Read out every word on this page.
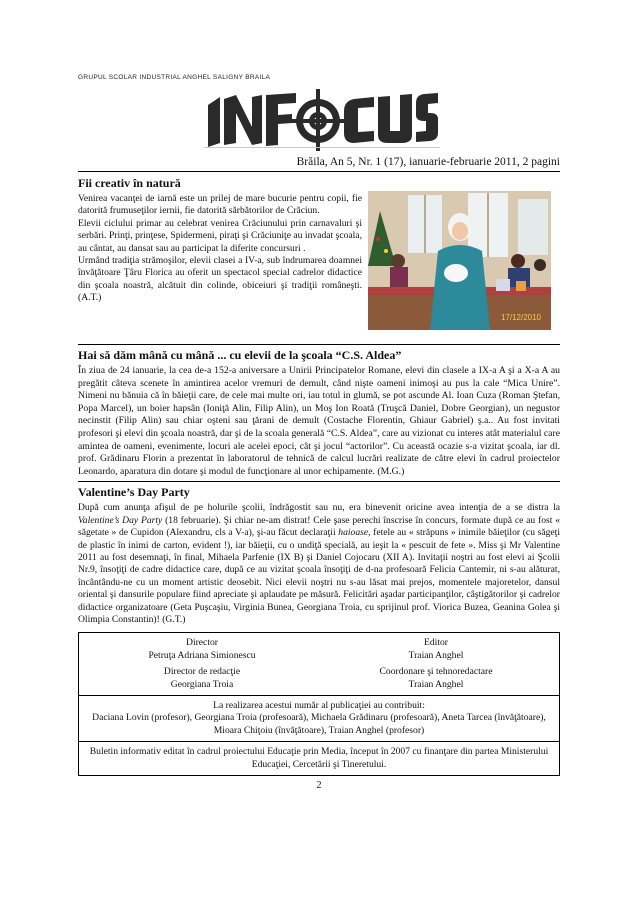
GRUPUL SCOLAR INDUSTRIAL ANGHEL SALIGNY BRAILA
Brăila, An 5, Nr. 1 (17), ianuarie-februarie 2011, 2 pagini
Fii creativ în natură

Venirea vacanţei de iarnă este un prilej de mare bucurie pentru copii, fie datorită frumuseţilor iernii, fie datorită sărbătorilor de Crăciun.

Elevii ciclului primar au celebrat venirea Crăciunului prin carnavaluri şi serbări. Prinţi, prinţese, Spidermeni, piraţi şi Crăciuniţe au invadat şcoala, au cântat, au dansat sau au participat la diferite concursuri .

Urmând tradiţia strămoşilor, elevii clasei a IV-a, sub îndrumarea doamnei învăţătoare Ţâru Florica au oferit un spectacol special cadrelor didactice din şcoala noastră, alcătuit din colinde, obiceiuri şi tradiţii româneşti. (A.T.)

17/12/2010
Hai să dăm mână cu mână ... cu elevii de la şcoala “C.S. Aldea”

În ziua de 24 ianuarie, la cea de-a 152-a aniversare a Unirii Principatelor Romane, elevi din clasele a IX-a A şi a X-a A au pregătit câteva scenete în amintirea acelor vremuri de demult, când nişte oameni inimoşi au pus la cale “Mica Unire”. Nimeni nu bănuia că în băieţii care, de cele mai multe ori, iau totul in glumă, se pot ascunde Al. Ioan Cuza (Roman Ştefan, Popa Marcel), un boier hapsân (Ioniţă Alin, Filip Alin), un Moş Ion Roată (Truşcă Daniel, Dobre Georgian), un negustor necinstit (Filip Alin) sau chiar oşteni sau ţărani de demult (Costache Florentin, Ghiaur Gabriel) ş.a.. Au fost invitati profesori şi elevi din şcoala noastră, dar şi de la scoala generală “C.S. Aldea”, care au vizionat cu interes atât materialul care amintea de oameni, evenimente, locuri ale acelei epoci, cât şi jocul “actorilor”. Cu această ocazie s-a vizitat şcoala, iar dl. prof. Grădinaru Florin a prezentat în laboratorul de tehnică de calcul lucrări realizate de către elevi în cadrul proiectelor Leonardo, aparatura din dotare şi modul de funcţionare al unor echipamente. (M.G.)

Valentine’s Day Party

După cum anunţa afişul de pe holurile şcolii, îndrăgostit sau nu, era binevenit oricine avea intenţia de a se distra la Valentine’s Day Party (18 februarie). Şi chiar ne-am distrat! Cele şase perechi înscrise în concurs, formate după ce au fost « săgetate » de Cupidon (Alexandru, cls a V-a), şi-au făcut declaraţii haioase, fetele au « străpuns » inimile băieţilor (cu săgeţi de plastic în inimi de carton, evident !), iar băieţii, cu o undiţă specială, au ieşit la « pescuit de fete ». Miss şi Mr Valentine 2011 au fost desemnaţi, în final, Mihaela Parfenie (IX B) şi Daniel Cojocaru (XII A). Invitaţii noştri au fost elevi ai Şcolii Nr.9, însoţiţi de cadre didactice care, după ce au vizitat şcoala însoţiţi de d-na profesoară Felicia Cantemir, ni s-au alăturat, încântându-ne cu un moment artistic deosebit. Nici elevii noştri nu s-au lăsat mai prejos, momentele majoretelor, dansul oriental şi dansurile populare fiind apreciate şi aplaudate pe măsură. Felicitări aşadar participanţilor, câştigătorilor şi cadrelor didactice organizatoare (Geta Puşcaşiu, Virginia Bunea, Georgiana Troia, cu sprijinul prof. Viorica Buzea, Geanina Golea şi Olimpia Constantin)! (G.T.)

Director
Petruţa Adriana Simionescu
Editor
Traian Anghel
Director de redacţie
Georgiana Troia
Coordonare şi tehnoredactare
Traian Anghel
La realizarea acestui număr al publicaţiei au contribuit:
Daciana Lovin (profesor), Georgiana Troia (profesoară), Michaela Grădinaru (profesoară), Aneta Tarcea (învăţătoare), Mioara Chiţoiu (învăţătoare), Traian Anghel (profesor)
Buletin informativ editat în cadrul proiectului Educaţie prin Media, început în 2007 cu finanţare din partea Ministerului Educaţiei, Cercetării şi Tineretului.
2
